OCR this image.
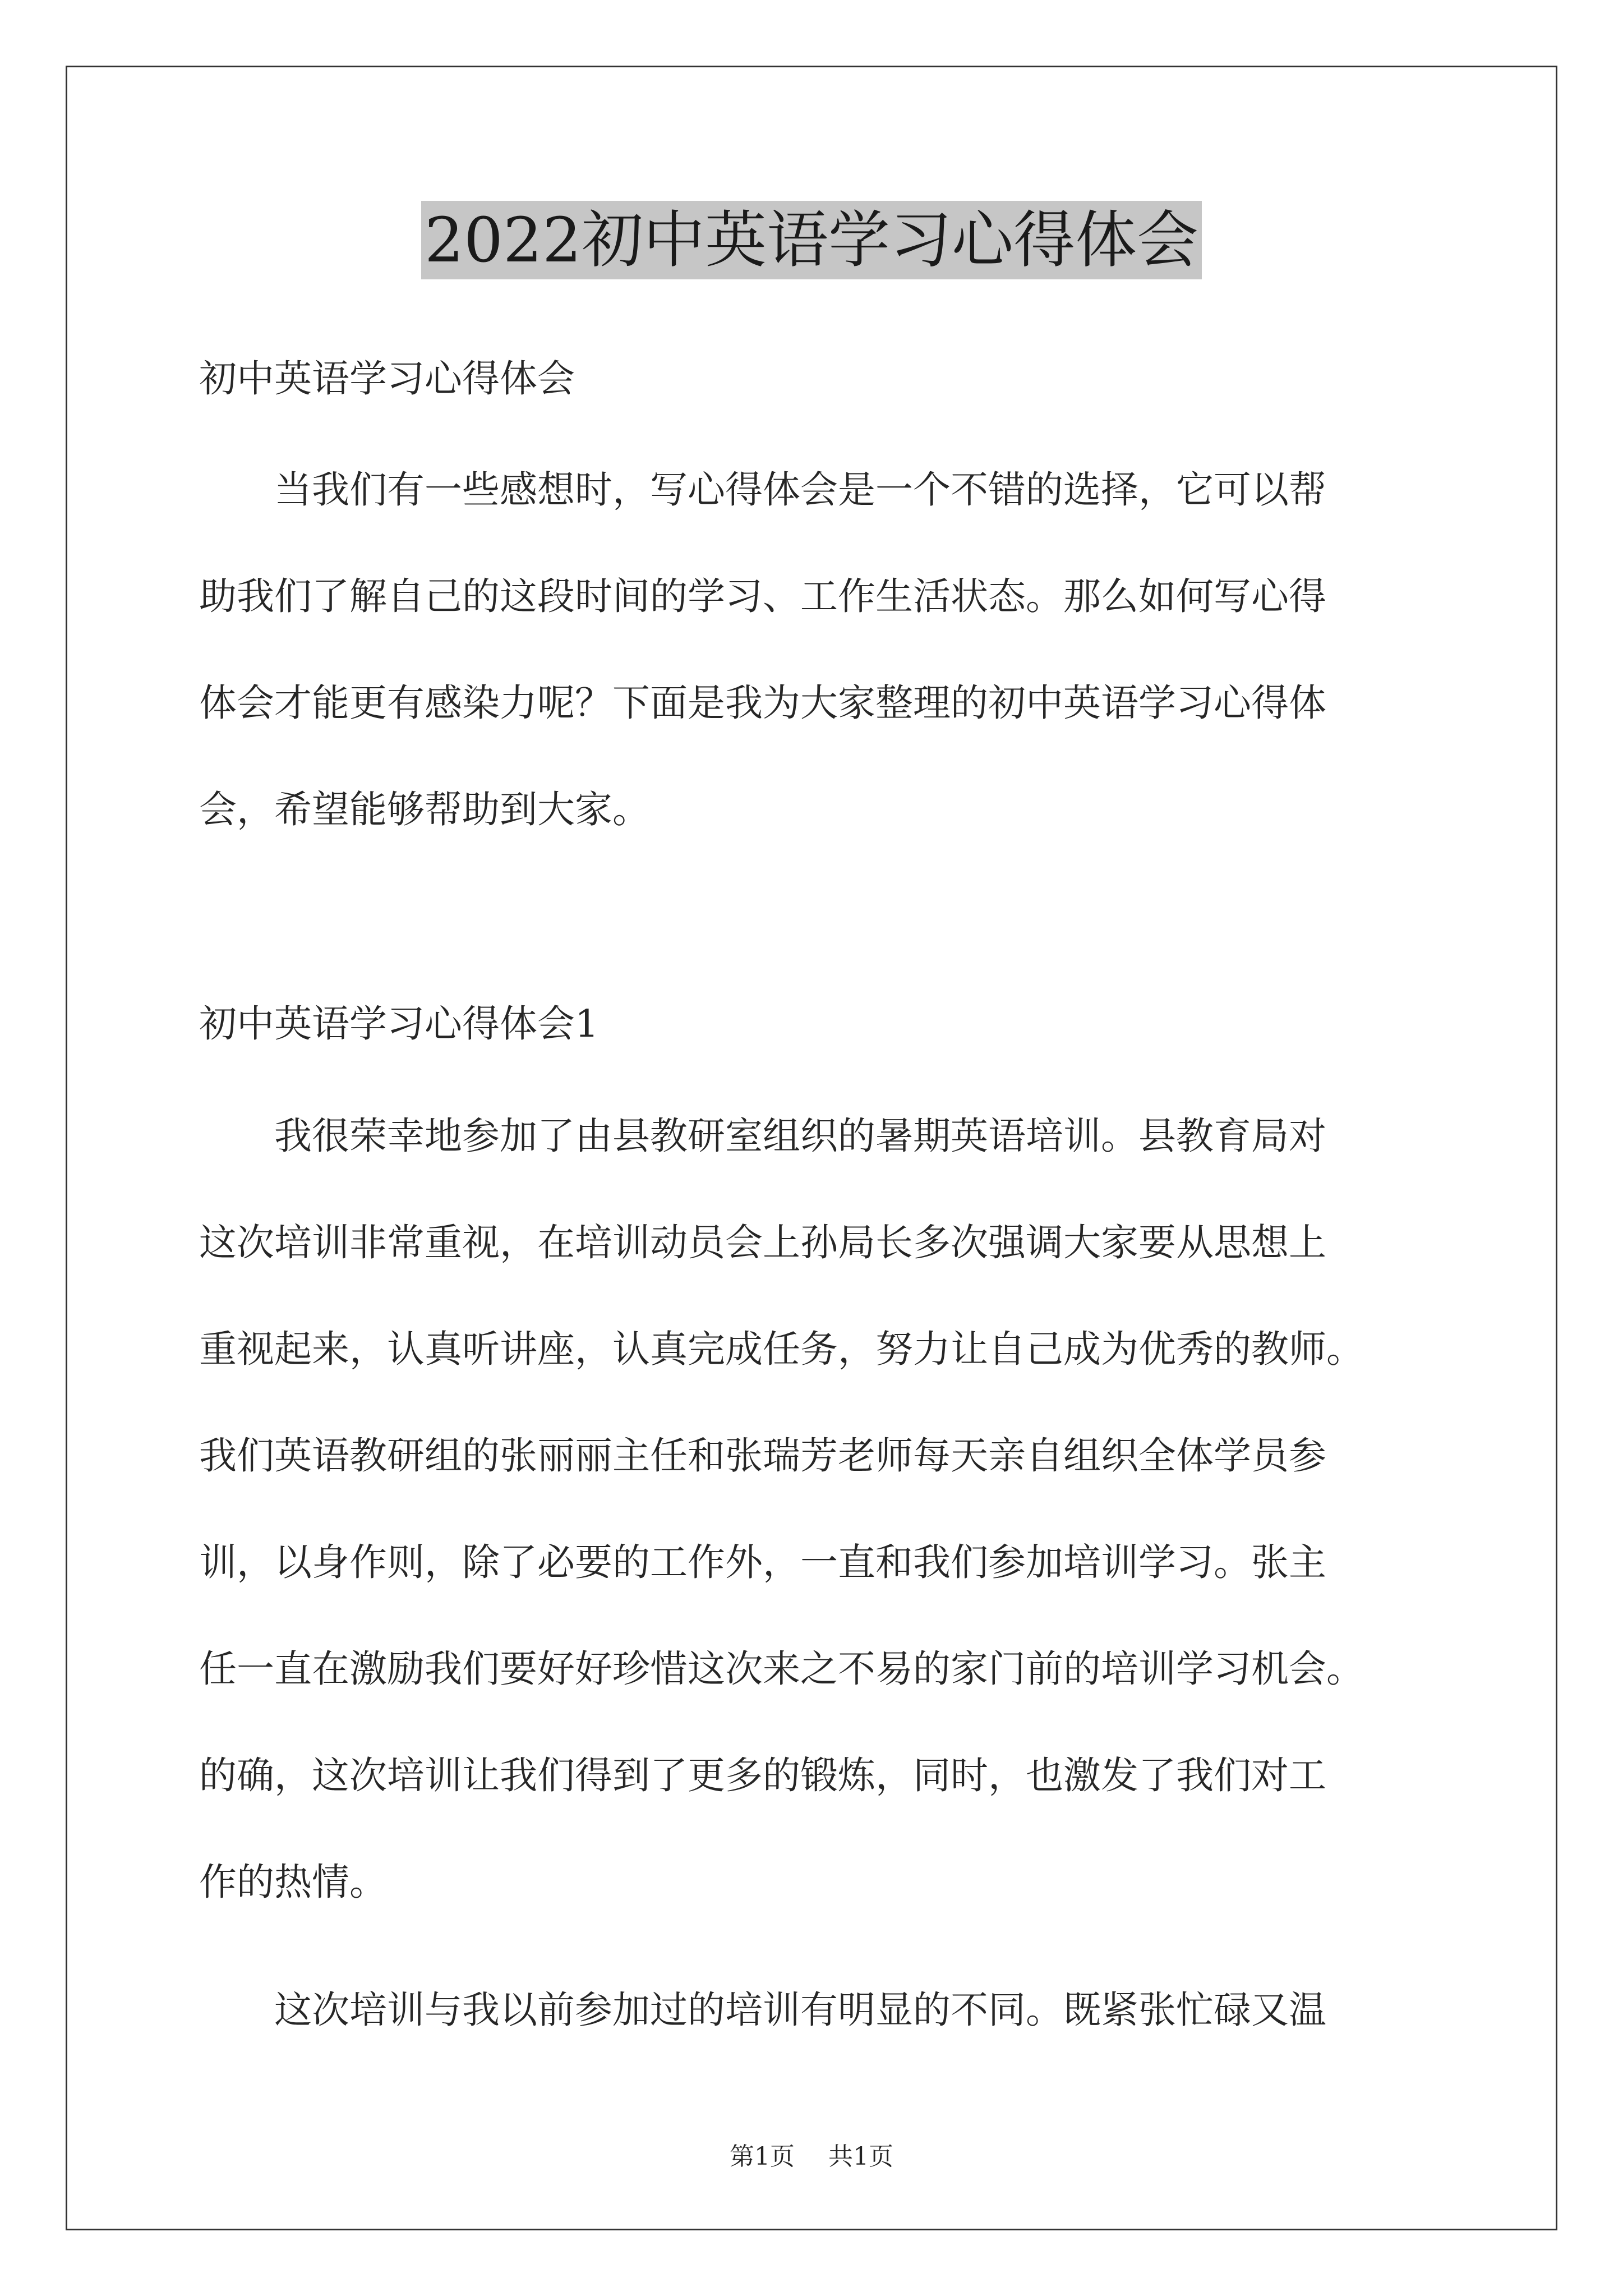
2022初中英语学习心得体会
初中英语学习心得体会
　　当我们有一些感想时，写心得体会是一个不错的选择，它可以帮
助我们了解自己的这段时间的学习、工作生活状态。那么如何写心得
体会才能更有感染力呢？下面是我为大家整理的初中英语学习心得体
会，希望能够帮助到大家。
初中英语学习心得体会1
　　我很荣幸地参加了由县教研室组织的暑期英语培训。县教育局对
这次培训非常重视，在培训动员会上孙局长多次强调大家要从思想上
重视起来，认真听讲座，认真完成任务，努力让自己成为优秀的教师。
我们英语教研组的张丽丽主任和张瑞芳老师每天亲自组织全体学员参
训，以身作则，除了必要的工作外，一直和我们参加培训学习。张主
任一直在激励我们要好好珍惜这次来之不易的家门前的培训学习机会。
的确，这次培训让我们得到了更多的锻炼，同时，也激发了我们对工
作的热情。
　　这次培训与我以前参加过的培训有明显的不同。既紧张忙碌又温
第1页 共1页
